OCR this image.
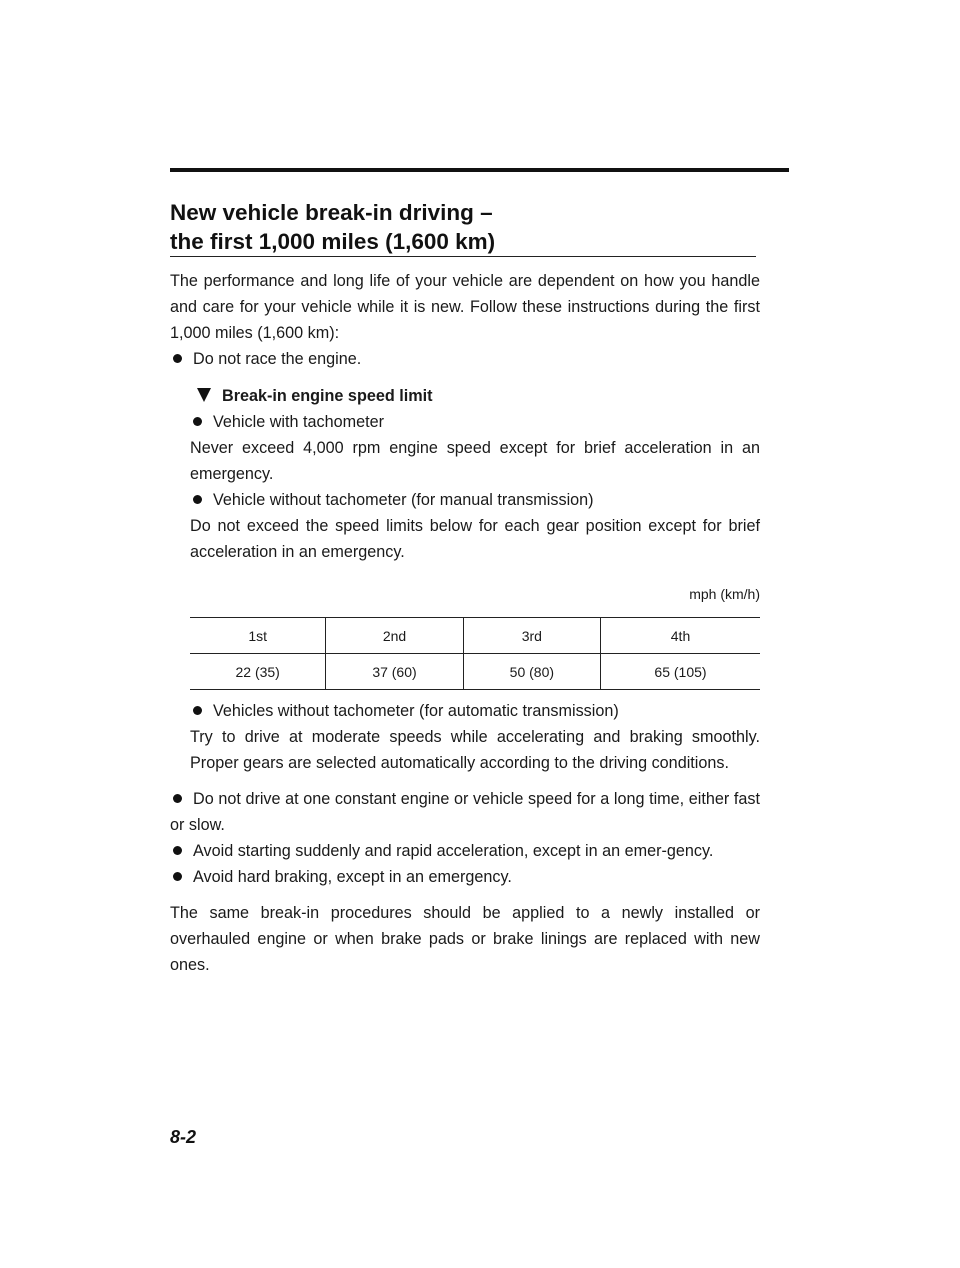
New vehicle break-in driving –
the first 1,000 miles (1,600 km)

The performance and long life of your vehicle are dependent on how you handle and care for your vehicle while it is new. Follow these instructions during the first 1,000 miles (1,600 km):

Do not race the engine.

Break-in engine speed limit

Vehicle with tachometer

Never exceed 4,000 rpm engine speed except for brief acceleration in an emergency.

Vehicle without tachometer (for manual transmission)

Do not exceed the speed limits below for each gear position except for brief acceleration in an emergency.

mph (km/h)
1st	2nd	3rd	4th
22 (35)	37 (60)	50 (80)	65 (105)

Vehicles without tachometer (for automatic transmission)

Try to drive at moderate speeds while accelerating and braking smoothly. Proper gears are selected automatically according to the driving conditions.

Do not drive at one constant engine or vehicle speed for a long time, either fast or slow.

Avoid starting suddenly and rapid acceleration, except in an emer-gency.

Avoid hard braking, except in an emergency.

The same break-in procedures should be applied to a newly installed or overhauled engine or when brake pads or brake linings are replaced with new ones.

8-2
